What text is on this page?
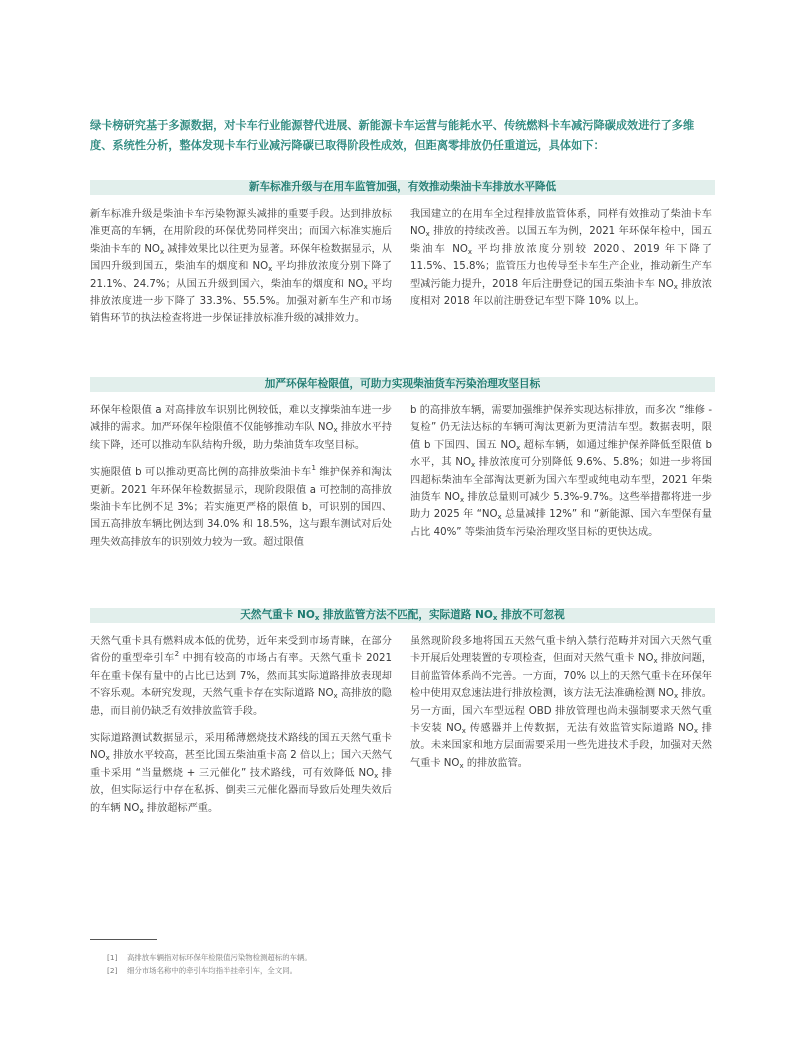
绿卡榜研究基于多源数据，对卡车行业能源替代进展、新能源卡车运营与能耗水平、传统燃料卡车减污降碳成效进行了多维度、系统性分析，整体发现卡车行业减污降碳已取得阶段性成效，但距离零排放仍任重道远，具体如下：

新车标准升级与在用车监管加强，有效推动柴油卡车排放水平降低

新车标准升级是柴油卡车污染物源头减排的重要手段。达到排放标准更高的车辆，在用阶段的环保优势同样突出；而国六标准实施后柴油卡车的 $NO_x$ 减排效果比以往更为显著。环保年检数据显示，从国四升级到国五，柴油车的烟度和 $NO_x$ 平均排放浓度分别下降了 21.1%、24.7%；从国五升级到国六，柴油车的烟度和 $NO_x$ 平均排放浓度进一步下降了 33.3%、55.5%。加强对新车生产和市场销售环节的执法检查将进一步保证排放标准升级的减排效力。

我国建立的在用车全过程排放监管体系，同样有效推动了柴油卡车 $NO_x$ 排放的持续改善。以国五车为例，2021 年环保年检中，国五柴油车 $NO_x$ 平均排放浓度分别较 2020、2019 年下降了 11.5%、15.8%；监管压力也传导至卡车生产企业，推动新生产车型减污能力提升，2018 年后注册登记的国五柴油卡车 $NO_x$ 排放浓度相对 2018 年以前注册登记车型下降 10% 以上。

加严环保年检限值，可助力实现柴油货车污染治理攻坚目标

环保年检限值 a 对高排放车识别比例较低，难以支撑柴油车进一步减排的需求。加严环保年检限值不仅能够推动车队 $NO_x$ 排放水平持续下降，还可以推动车队结构升级，助力柴油货车攻坚目标。

实施限值 b 可以推动更高比例的高排放柴油卡车$^1$ 维护保养和淘汰更新。2021 年环保年检数据显示，现阶段限值 a 可控制的高排放柴油卡车比例不足 3%；若实施更严格的限值 b，可识别的国四、国五高排放车辆比例达到 34.0% 和 18.5%，这与跟车测试对后处理失效高排放车的识别效力较为一致。超过限值

b 的高排放车辆，需要加强维护保养实现达标排放，而多次 “维修 - 复检” 仍无法达标的车辆可淘汰更新为更清洁车型。数据表明，限值 b 下国四、国五 $NO_x$ 超标车辆，如通过维护保养降低至限值 b 水平，其 $NO_x$ 排放浓度可分别降低 9.6%、5.8%；如进一步将国四超标柴油车全部淘汰更新为国六车型或纯电动车型，2021 年柴油货车 $NO_x$ 排放总量则可减少 5.3%-9.7%。这些举措都将进一步助力 2025 年 “$NO_x$ 总量减排 12%” 和 “新能源、国六车型保有量占比 40%” 等柴油货车污染治理攻坚目标的更快达成。

天然气重卡 $NO_x$ 排放监管方法不匹配，实际道路 $NO_x$ 排放不可忽视

天然气重卡具有燃料成本低的优势，近年来受到市场青睐，在部分省份的重型牵引车$^2$ 中拥有较高的市场占有率。天然气重卡 2021 年在重卡保有量中的占比已达到 7%，然而其实际道路排放表现却不容乐观。本研究发现，天然气重卡存在实际道路 $NO_x$ 高排放的隐患，而目前仍缺乏有效排放监管手段。

实际道路测试数据显示，采用稀薄燃烧技术路线的国五天然气重卡 $NO_x$ 排放水平较高，甚至比国五柴油重卡高 2 倍以上；国六天然气重卡采用 “当量燃烧 + 三元催化” 技术路线，可有效降低 $NO_x$ 排放，但实际运行中存在私拆、倒卖三元催化器而导致后处理失效后的车辆 $NO_x$ 排放超标严重。

虽然现阶段多地将国五天然气重卡纳入禁行范畴并对国六天然气重卡开展后处理装置的专项检查，但面对天然气重卡 $NO_x$ 排放问题，目前监管体系尚不完善。一方面，70% 以上的天然气重卡在环保年检中使用双怠速法进行排放检测，该方法无法准确检测 $NO_x$ 排放。另一方面，国六车型远程 OBD 排放管理也尚未强制要求天然气重卡安装 $NO_x$ 传感器并上传数据，无法有效监管实际道路 $NO_x$ 排放。未来国家和地方层面需要采用一些先进技术手段，加强对天然气重卡 $NO_x$ 的排放监管。

[1] 高排放车辆指对标环保年检限值污染物检测超标的车辆。
[2] 细分市场名称中的牵引车均指半挂牵引车，全文同。
